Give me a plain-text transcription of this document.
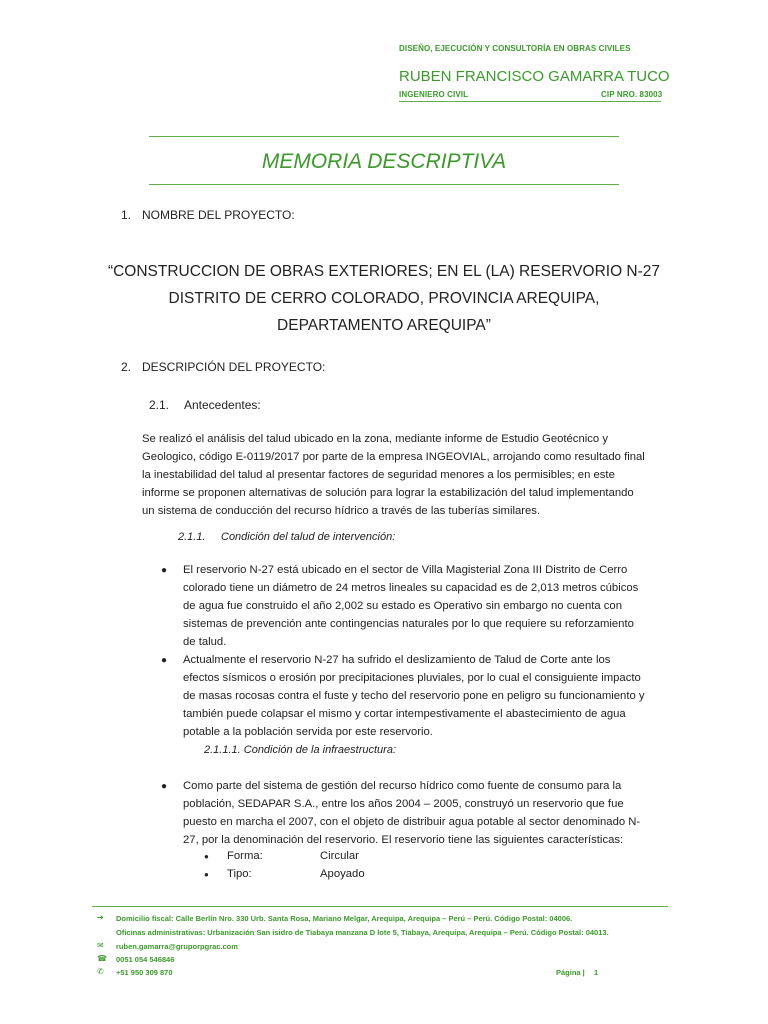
DISEÑO, EJECUCIÓN Y CONSULTORÍA EN OBRAS CIVILES
RUBEN FRANCISCO GAMARRA TUCO
INGENIERO CIVIL	CIP NRO. 83003
MEMORIA DESCRIPTIVA
1. NOMBRE DEL PROYECTO:
“CONSTRUCCION DE OBRAS EXTERIORES; EN EL (LA) RESERVORIO N-27
DISTRITO DE CERRO COLORADO, PROVINCIA AREQUIPA,
DEPARTAMENTO AREQUIPA”
2. DESCRIPCIÓN DEL PROYECTO:
2.1. Antecedentes:
Se realizó el análisis del talud ubicado en la zona, mediante informe de Estudio Geotécnico y
Geologico, código E-0119/2017 por parte de la empresa INGEOVIAL, arrojando como resultado final
la inestabilidad del talud al presentar factores de seguridad menores a los permisibles; en este
informe se proponen alternativas de solución para lograr la estabilización del talud implementando
un sistema de conducción del recurso hídrico a través de las tuberías similares.
2.1.1. Condición del talud de intervención:
● El reservorio N-27 está ubicado en el sector de Villa Magisterial Zona III Distrito de Cerro
colorado tiene un diámetro de 24 metros lineales su capacidad es de 2,013 metros cúbicos
de agua fue construido el año 2,002 su estado es Operativo sin embargo no cuenta con
sistemas de prevención ante contingencias naturales por lo que requiere su reforzamiento
de talud.
● Actualmente el reservorio N-27 ha sufrido el deslizamiento de Talud de Corte ante los
efectos sísmicos o erosión por precipitaciones pluviales, por lo cual el consiguiente impacto
de masas rocosas contra el fuste y techo del reservorio pone en peligro su funcionamiento y
también puede colapsar el mismo y cortar intempestivamente el abastecimiento de agua
potable a la población servida por este reservorio.
2.1.1.1. Condición de la infraestructura:
● Como parte del sistema de gestión del recurso hídrico como fuente de consumo para la
población, SEDAPAR S.A., entre los años 2004 – 2005, construyó un reservorio que fue
puesto en marcha el 2007, con el objeto de distribuir agua potable al sector denominado N-
27, por la denominación del reservorio. El reservorio tiene las siguientes características:
● Forma:	Circular
● Tipo:	Apoyado
➔ Domicilio fiscal: Calle Berlín Nro. 330 Urb. Santa Rosa, Mariano Melgar, Arequipa, Arequipa – Perú – Perú. Código Postal: 04006.
Oficinas administrativas: Urbanización San isidro de Tiabaya manzana D lote 5, Tiabaya, Arequipa, Arequipa – Perú. Código Postal: 04013.
✉ ruben.gamarra@gruporpgrac.com
☎ 0051 054 546846
✆ +51 950 309 870	Página | 1
